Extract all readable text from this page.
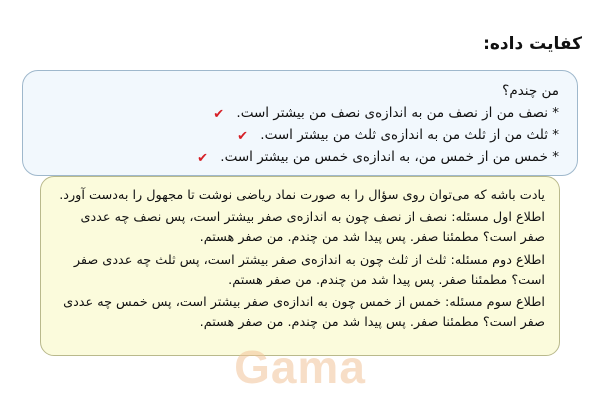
کفایت داده:
من چندم؟
* نصف من از نصف من به اندازه‌ی نصف من بیشتر است. ✔
* ثلث من از ثلث من به اندازه‌ی ثلث من بیشتر است. ✔
* خمس من از خمس من، به اندازه‌ی خمس من بیشتر است. ✔

یادت باشه که می‌توان روی سؤال را به صورت نماد ریاضی نوشت تا مجهول را به‌دست آورد.

اطلاع اول مسئله: نصف از نصف چون به اندازه‌ی صفر بیشتر است، پس نصف چه عددی صفر است؟ مطمئنا صفر. پس پیدا شد من چندم. من صفر هستم.

اطلاع دوم مسئله: ثلث از ثلث چون به اندازه‌ی صفر بیشتر است، پس ثلث چه عددی صفر است؟ مطمئنا صفر. پس پیدا شد من چندم. من صفر هستم.

اطلاع سوم مسئله: خمس از خمس چون به اندازه‌ی صفر بیشتر است، پس خمس چه عددی صفر است؟ مطمئنا صفر. پس پیدا شد من چندم. من صفر هستم.

Gama
